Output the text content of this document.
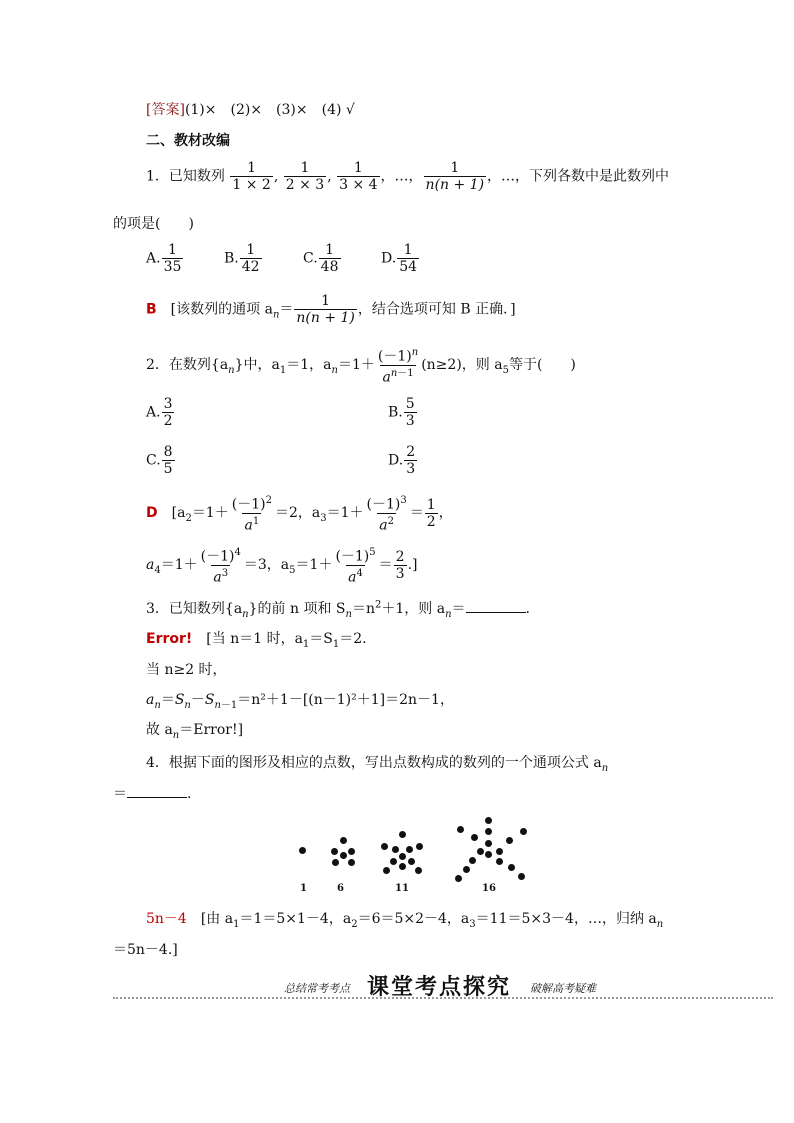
[答案](1)×　(2)×　(3)×　(4) √
二、教材改编
1．已知数列 $\frac{1}{1 \times 2}$ , $\frac{1}{2 \times 3}$ , $\frac{1}{3 \times 4}$ ，…， $\frac{1}{n(n + 1)}$ ，…，下列各数中是此数列中
的项是(　　)
A. $\frac{1}{35}$	B. $\frac{1}{42}$	C. $\frac{1}{48}$	D. $\frac{1}{54}$
B　 [该数列的通项 $a_n= \frac{1}{n(n + 1)}$ ，结合选项可知 B 正确．]
2．在数列$\{a_n\}$中，$a_1=1$，$a_n=1+ \frac{(-1)^n}{a^{n-1}} (n\ge 2)$，则 $a_5$等于(　　)
A. $\frac{3}{2}$	B. $\frac{5}{3}$
C. $\frac{8}{5}$	D. $\frac{2}{3}$
D　 [$a_2=1+ \frac{(-1)^2}{a^1} =2$，$a_3=1+ \frac{(-1)^3}{a^2} = \frac{1}{2}$ ，
$a_4=1+ \frac{(-1)^4}{a^3} =3$，$a_5=1+ \frac{(-1)^5}{a^4} = \frac{2}{3}$ .]
3．已知数列$\{a_n\}$的前 n 项和 $S_n=n^2+1$，则 $a_n=$	.
Error!　 [当 n＝1 时，$a_1=S_1=2$.
当 n≥2 时，
$a_n=S_n-S_{n-1}=n^2+1-[(n-1)^2+1]=2n-1$，
故 $a_n=Error$!]
4．根据下面的图形及相应的点数，写出点数构成的数列的一个通项公式 $a_n$
＝	.
1	6	11	16
5n－4　 [由 $a_1=1=5\times 1-4$，$a_2=6=5\times 2-4$，$a_3=11=5\times 3-4$，…，归纳 $a_n$
＝5n－4.]
总结常考考点 课堂考点探究 破解高考疑难
